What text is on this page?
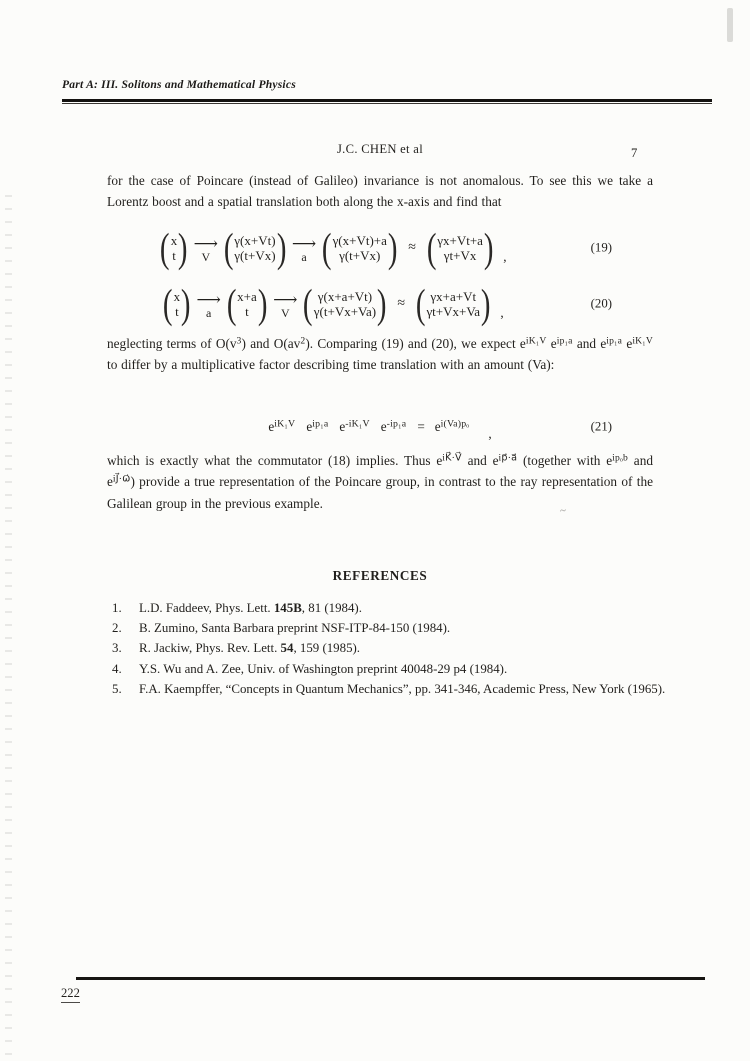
Part A: III. Solitons and Mathematical Physics
J.C. CHEN et al	7

for the case of Poincare (instead of Galileo) invariance is not anomalous. To see this we take a Lorentz boost and a spatial translation both along the x-axis and find that

( x
t ) ⟶
V ( γ(x+Vt)
γ(t+Vx) ) ⟶
a ( γ(x+Vt)+a
γ(t+Vx) ) ≈ ( γx+Vt+a
γt+Vx ) ,
(19)
( x
t ) ⟶
a ( x+a
t ) ⟶
V ( γ(x+a+Vt)
γ(t+Vx+Va) ) ≈ ( γx+a+Vt
γt+Vx+Va ) ,
(20)

neglecting terms of $O(v^3)$ and $O(av^2)$. Comparing (19) and (20), we expect $e^{iK_1V}$ $e^{ip_1a}$ and $e^{ip_1a}$ $e^{iK_1V}$ to differ by a multiplicative factor describing time translation with an amount (Va):

$e^{iK_1V}$ $e^{ip_1a}$ $e^{-iK_1V}$ $e^{-ip_1a} = e^{i(Va)p_o}$
,	(21)

which is exactly what the commutator (18) implies. Thus $e^{iK⃗\cdot V⃗}$ and $e^{ip⃗\cdot a⃗}$ (together with $e^{ip_ob}$ and $e^{iJ⃗\cdot\omega⃗}$) provide a true representation of the Poincare group, in contrast to the ray representation of the Galilean group in the previous example.

~
REFERENCES
1.	L.D. Faddeev, Phys. Lett. 145B, 81 (1984).
2.	B. Zumino, Santa Barbara preprint NSF-ITP-84-150 (1984).
3.	R. Jackiw, Phys. Rev. Lett. 54, 159 (1985).
4.	Y.S. Wu and A. Zee, Univ. of Washington preprint 40048-29 p4 (1984).
5.	F.A. Kaempffer, “Concepts in Quantum Mechanics”, pp. 341-346, Academic Press, New York (1965).
222
